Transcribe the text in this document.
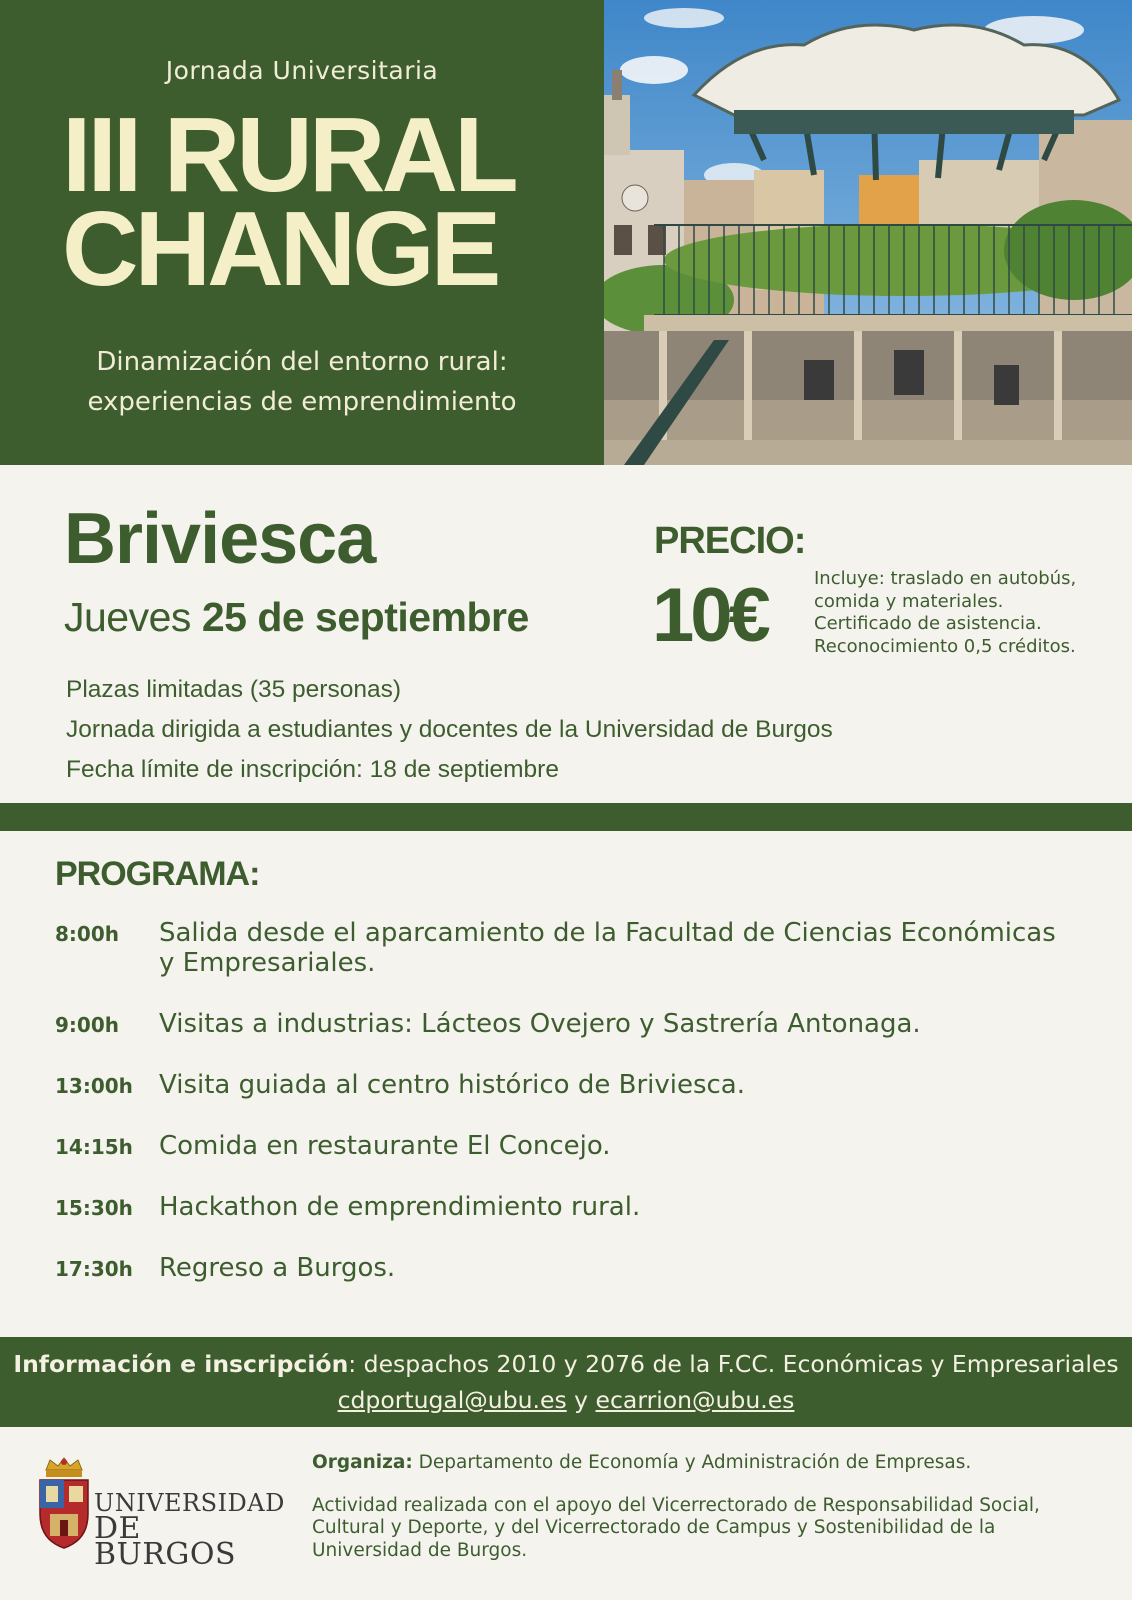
Jornada Universitaria
III RURAL
CHANGE
Dinamización del entorno rural:
experiencias de emprendimiento
Briviesca
Jueves 25 de septiembre
Plazas limitadas (35 personas)
Jornada dirigida a estudiantes y docentes de la Universidad de Burgos
Fecha límite de inscripción: 18 de septiembre
PRECIO:
10€	Incluye: traslado en autobús,
comida y materiales.
Certificado de asistencia.
Reconocimiento 0,5 créditos.
PROGRAMA:
8:00h Salida desde el aparcamiento de la Facultad de Ciencias Económicas y Empresariales.
9:00h Visitas a industrias: Lácteos Ovejero y Sastrería Antonaga.
13:00h Visita guiada al centro histórico de Briviesca.
14:15h Comida en restaurante El Concejo.
15:30h Hackathon de emprendimiento rural.
17:30h Regreso a Burgos.
Información e inscripción: despachos 2010 y 2076 de la F.CC. Económicas y Empresariales
cdportugal@ubu.es y ecarrion@ubu.es
UNIVERSIDAD
DE BURGOS

Organiza: Departamento de Economía y Administración de Empresas.

Actividad realizada con el apoyo del Vicerrectorado de Responsabilidad Social, Cultural y Deporte, y del Vicerrectorado de Campus y Sostenibilidad de la Universidad de Burgos.
